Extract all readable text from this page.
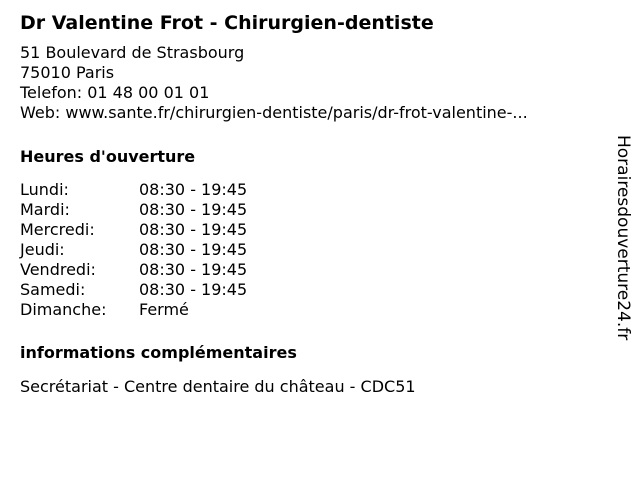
Dr Valentine Frot - Chirurgien-dentiste
51 Boulevard de Strasbourg
75010 Paris
Telefon: 01 48 00 01 01
Web: www.sante.fr/chirurgien-dentiste/paris/dr-frot-valentine-...
Heures d'ouverture
Lundi:	08:30 - 19:45
Mardi:	08:30 - 19:45
Mercredi:	08:30 - 19:45
Jeudi:	08:30 - 19:45
Vendredi:	08:30 - 19:45
Samedi:	08:30 - 19:45
Dimanche:	Fermé
informations complémentaires
Secrétariat - Centre dentaire du château - CDC51
Horairesdouverture24.fr
